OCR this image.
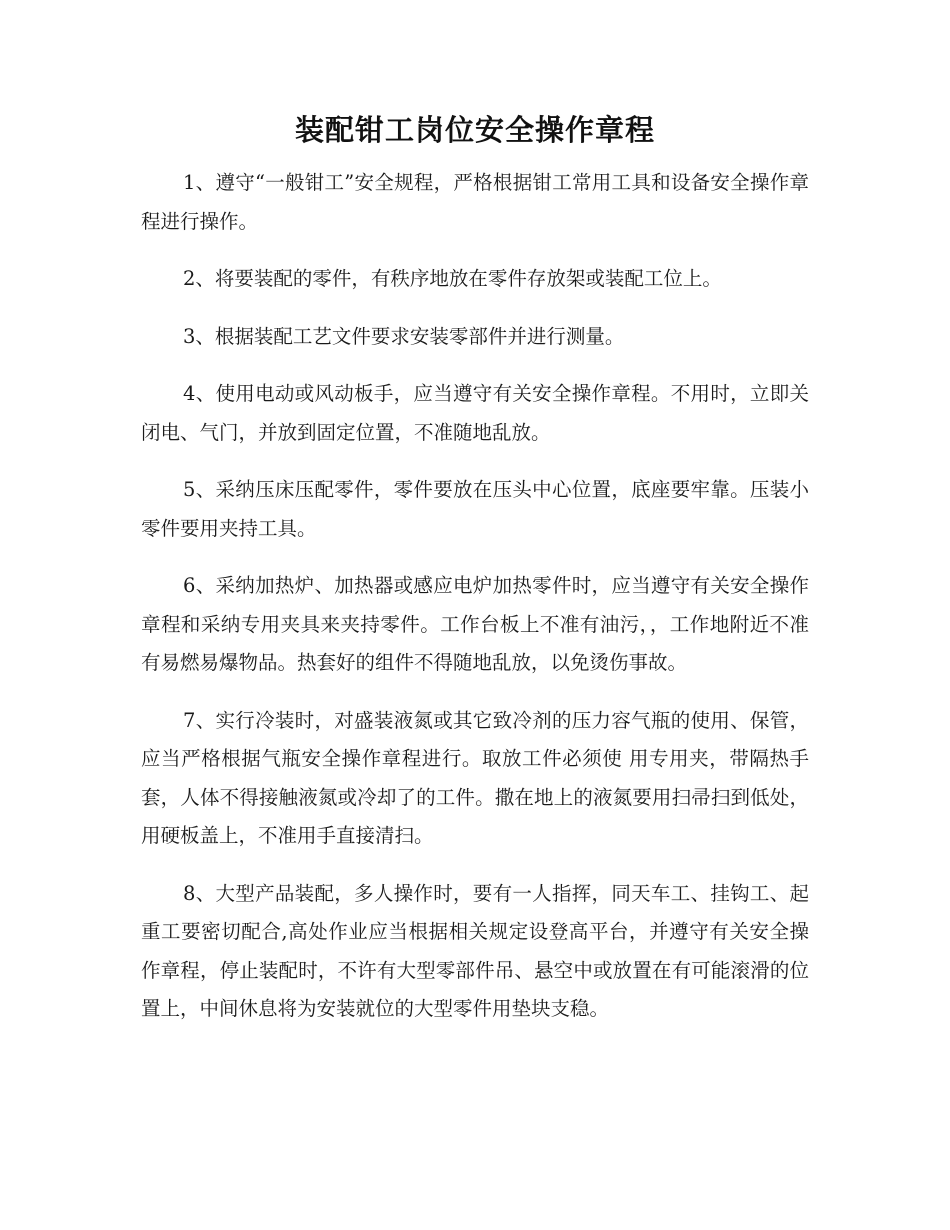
装配钳工岗位安全操作章程

1、遵守“一般钳工”安全规程，严格根据钳工常用工具和设备安全操作章程进行操作。

2、将要装配的零件，有秩序地放在零件存放架或装配工位上。

3、根据装配工艺文件要求安装零部件并进行测量。

4、使用电动或风动板手，应当遵守有关安全操作章程。不用时，立即关闭电、气门，并放到固定位置，不准随地乱放。

5、采纳压床压配零件，零件要放在压头中心位置，底座要牢靠。压装小零件要用夹持工具。

6、采纳加热炉、加热器或感应电炉加热零件时，应当遵守有关安全操作章程和采纳专用夹具来夹持零件。工作台板上不准有油污，，工作地附近不准有易燃易爆物品。热套好的组件不得随地乱放，以免烫伤事故。

7、实行冷装时，对盛装液氮或其它致冷剂的压力容气瓶的使用、保管，应当严格根据气瓶安全操作章程进行。取放工件必须使 用专用夹，带隔热手套，人体不得接触液氮或冷却了的工件。撒在地上的液氮要用扫帚扫到低处，用硬板盖上，不准用手直接清扫。

8、大型产品装配，多人操作时，要有一人指挥，同天车工、挂钩工、起重工要密切配合,高处作业应当根据相关规定设登高平台，并遵守有关安全操作章程，停止装配时，不许有大型零部件吊、悬空中或放置在有可能滚滑的位置上，中间休息将为安装就位的大型零件用垫块支稳。
